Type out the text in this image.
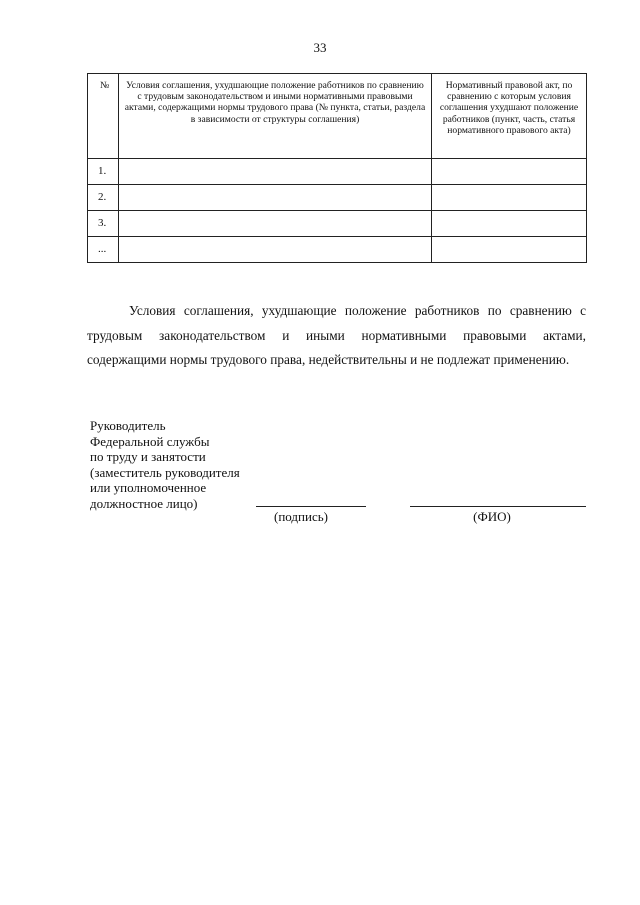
33
№	Условия соглашения, ухудшающие положение работников по сравнению с трудовым законодательством и иными нормативными правовыми актами, содержащими нормы трудового права (№ пункта, статьи, раздела в зависимости от структуры соглашения)	Нормативный правовой акт, по сравнению с которым условия соглашения ухудшают положение работников (пункт, часть, статья нормативного правового акта)
1.		
2.		
3.		
...		
Условия соглашения, ухудшающие положение работников по сравнению с трудовым законодательством и иными нормативными правовыми актами, содержащими нормы трудового права, недействительны и не подлежат применению.
Руководитель
Федеральной службы
по труду и занятости
(заместитель руководителя
или уполномоченное
должностное лицо)
(подпись)	(ФИО)
